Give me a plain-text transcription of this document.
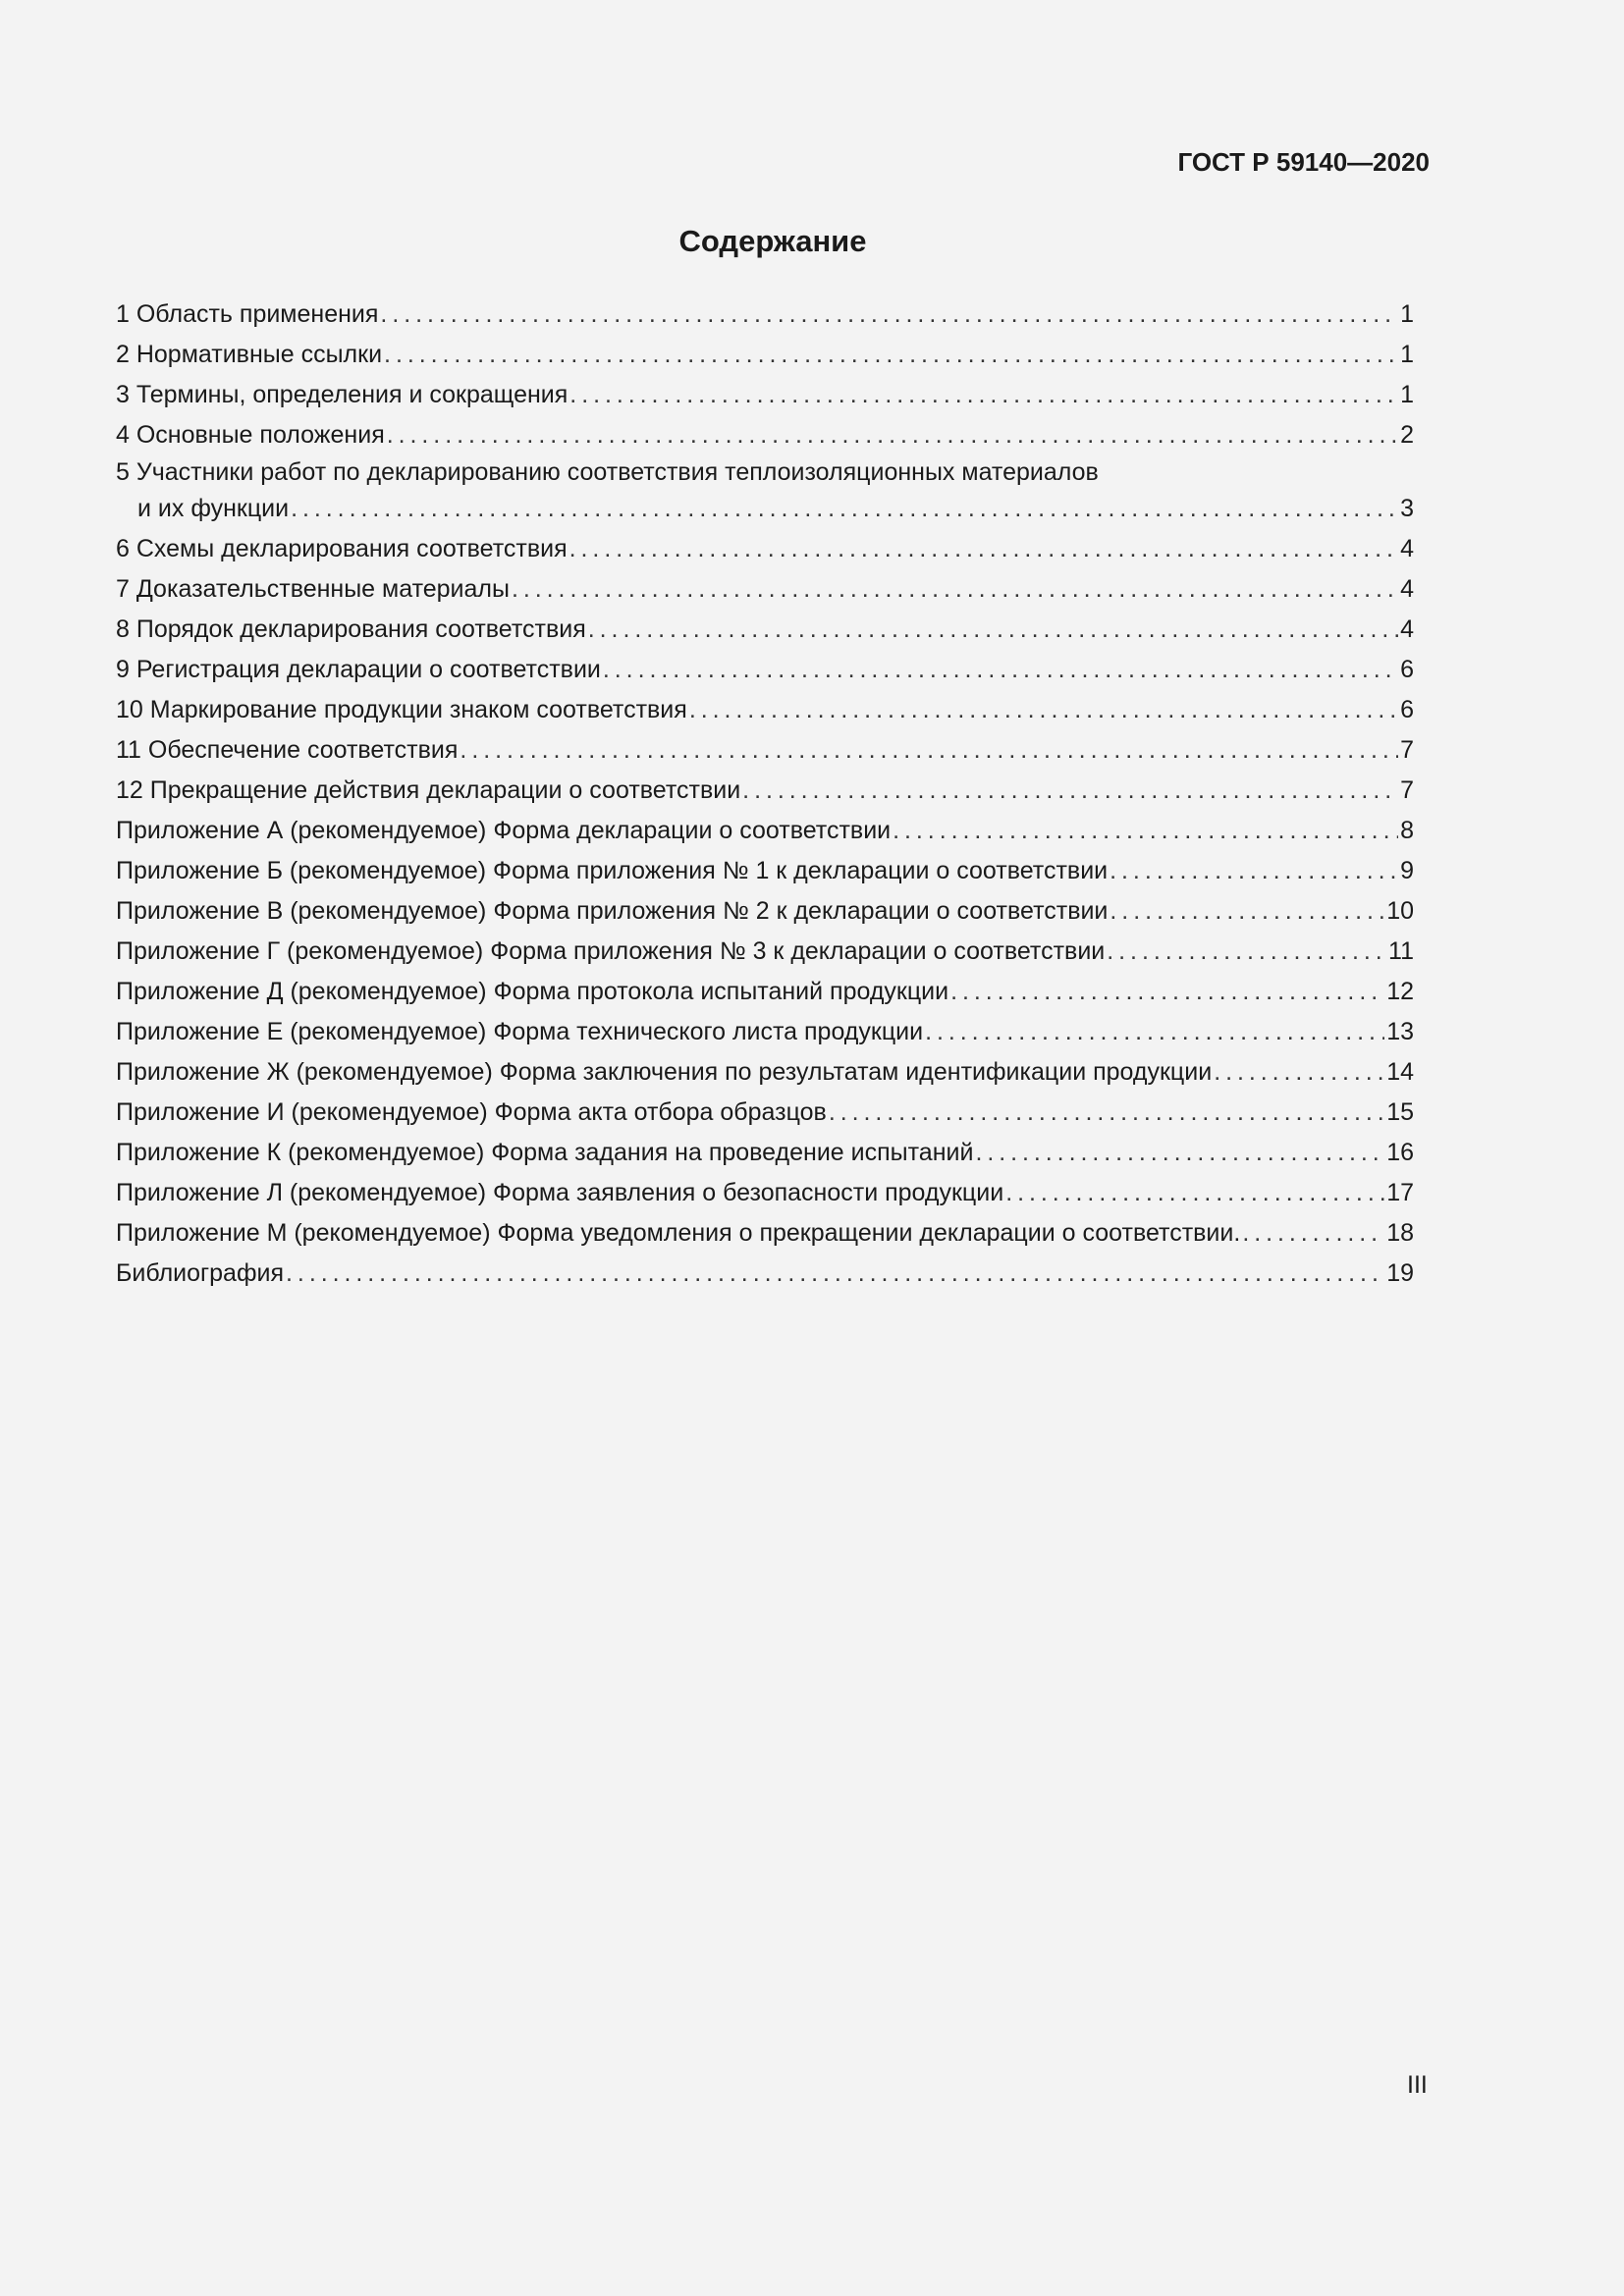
ГОСТ Р 59140—2020
Содержание
1 Область применения . . .	1
2 Нормативные ссылки . . .	1
3 Термины, определения и сокращения . . .	1
4 Основные положения . . .	2
5 Участники работ по декларированию соответствия теплоизоляционных материалов
и их функции . . .	3
6 Схемы декларирования соответствия . . .	4
7 Доказательственные материалы . . .	4
8 Порядок декларирования соответствия . . .	4
9 Регистрация декларации о соответствии . . .	6
10 Маркирование продукции знаком соответствия . . .	6
11 Обеспечение соответствия . . .	7
12 Прекращение действия декларации о соответствии . . .	7
Приложение А (рекомендуемое) Форма декларации о соответствии . . .	8
Приложение Б (рекомендуемое) Форма приложения № 1 к декларации о соответствии . . .	9
Приложение В (рекомендуемое) Форма приложения № 2 к декларации о соответствии . . .	10
Приложение Г (рекомендуемое) Форма приложения № 3 к декларации о соответствии . . .	11
Приложение Д (рекомендуемое) Форма протокола испытаний продукции . . .	12
Приложение Е (рекомендуемое) Форма технического листа продукции . . .	13
Приложение Ж (рекомендуемое) Форма заключения по результатам идентификации продукции . . .	14
Приложение И (рекомендуемое) Форма акта отбора образцов . . .	15
Приложение К (рекомендуемое) Форма задания на проведение испытаний . . .	16
Приложение Л (рекомендуемое) Форма заявления о безопасности продукции . . .	17
Приложение М (рекомендуемое) Форма уведомления о прекращении декларации о соответствии. . . .	18
Библиография . . .	19
III
